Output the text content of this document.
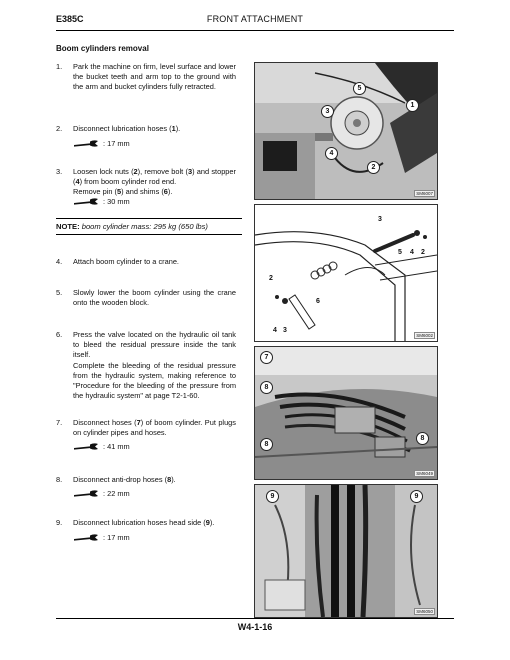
E385C	FRONT ATTACHMENT
Boom cylinders removal
1. Park the machine on firm, level surface and lower the bucket teeth and arm top to the ground with the arm and bucket cylinders fully retracted.
2. Disconnect lubrication hoses (1).
: 17 mm
3. Loosen lock nuts (2), remove bolt (3) and stopper (4) from boom cylinder rod end.
Remove pin (5) and shims (6).
: 30 mm
NOTE: boom cylinder mass: 295 kg (650 lbs)
4. Attach boom cylinder to a crane.
5. Slowly lower the boom cylinder using the crane onto the wooden block.
6. Press the valve located on the hydraulic oil tank to bleed the residual pressure inside the tank itself.
Complete the bleeding of the residual pressure from the hydraulic system, making reference to "Procedure for the bleeding of the pressure from the hydraulic system" at page T2-1-60.
7. Disconnect hoses (7) of boom cylinder. Put plugs on cylinder pipes and hoses.
: 41 mm
8. Disconnect anti-drop hoses (8).
: 22 mm
9. Disconnect lubrication hoses head side (9).
: 17 mm
5
3
1
4
2
SM6007
3
5 4 2
2
6
4 3
SM6002
7
8
8
8
SM6049
9	9
SM6050
W4-1-16
